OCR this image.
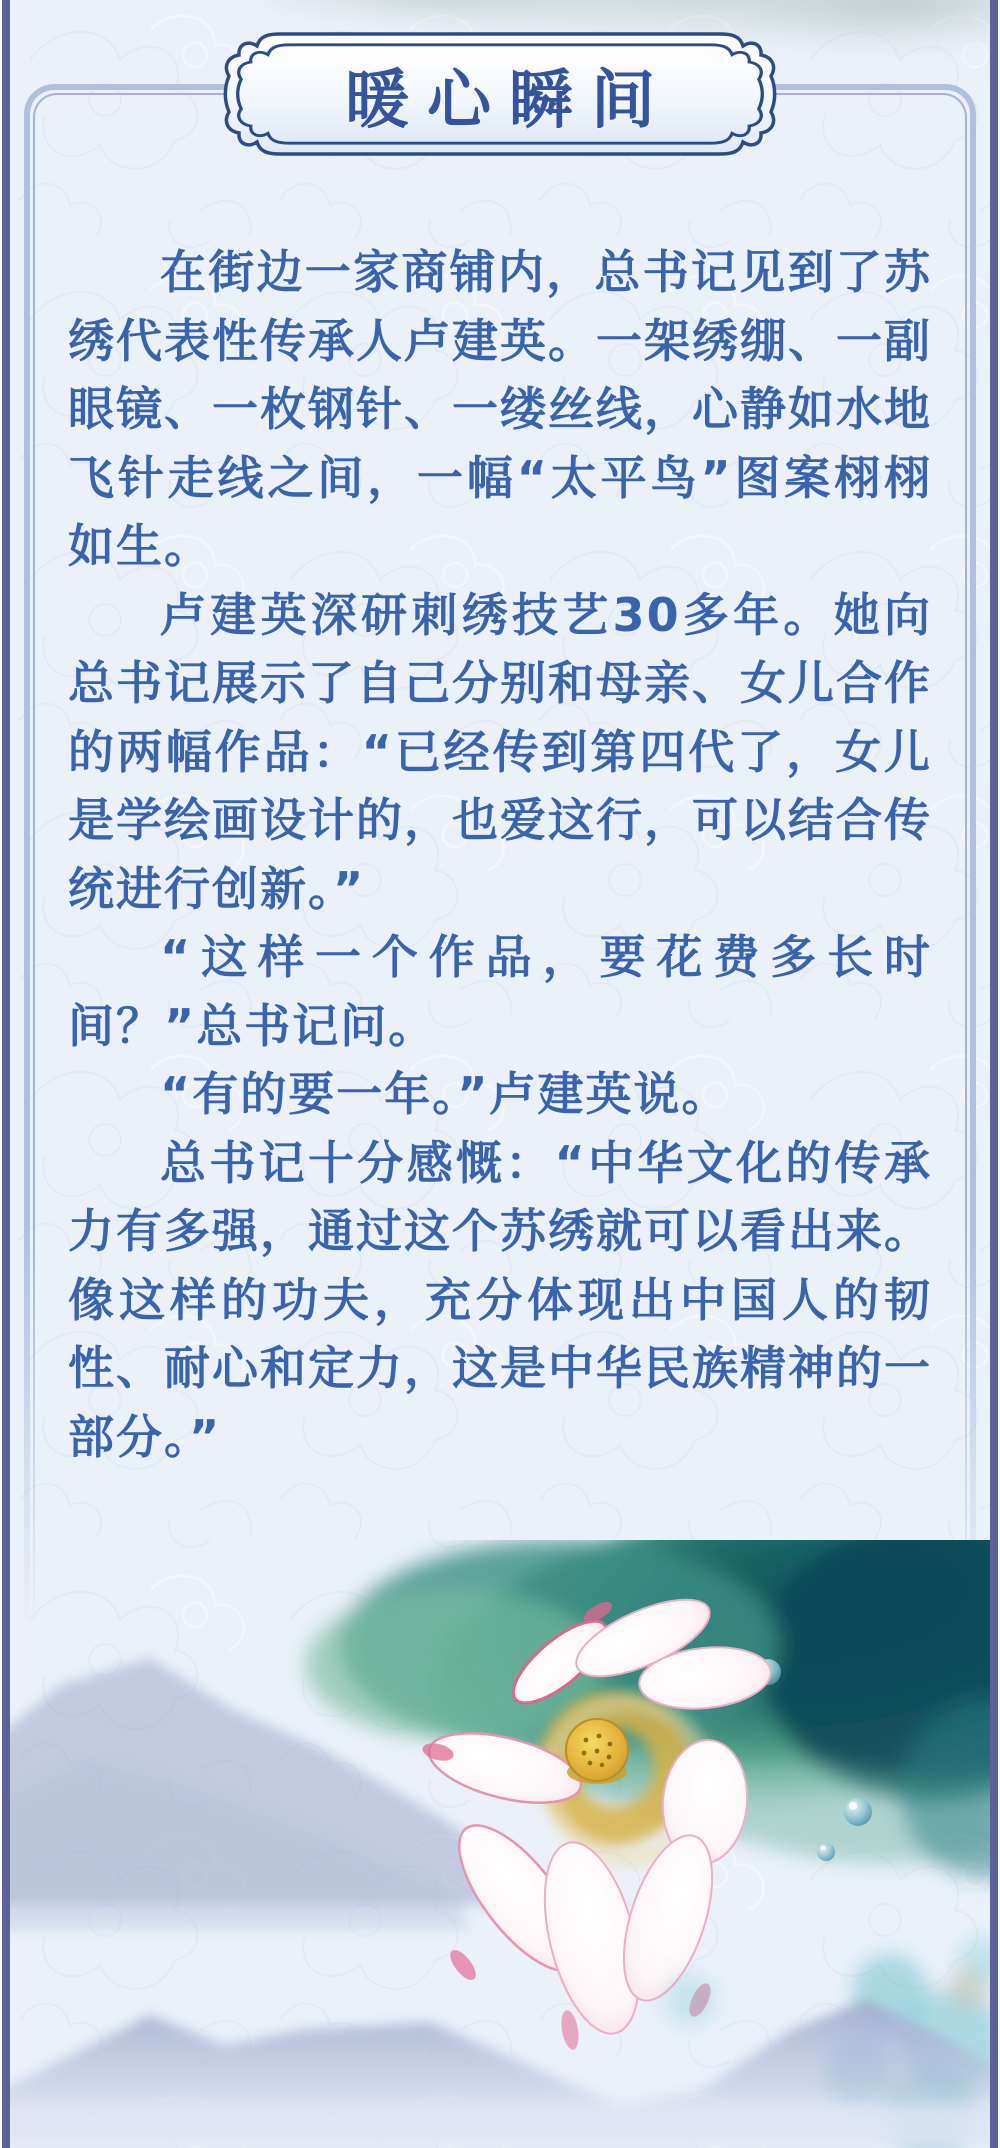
暖心瞬间

在街边一家商铺内，总书记见到了苏绣代表性传承人卢建英。一架绣绷、一副眼镜、一枚钢针、一缕丝线，心静如水地飞针走线之间，一幅“太平鸟”图案栩栩如生。

卢建英深研刺绣技艺30多年。她向总书记展示了自己分别和母亲、女儿合作的两幅作品：“已经传到第四代了，女儿是学绘画设计的，也爱这行，可以结合传统进行创新。”

“这样一个作品，要花费多长时间？”总书记问。

“有的要一年。”卢建英说。

总书记十分感慨：“中华文化的传承力有多强，通过这个苏绣就可以看出来。像这样的功夫，充分体现出中国人的韧性、耐心和定力，这是中华民族精神的一部分。”
